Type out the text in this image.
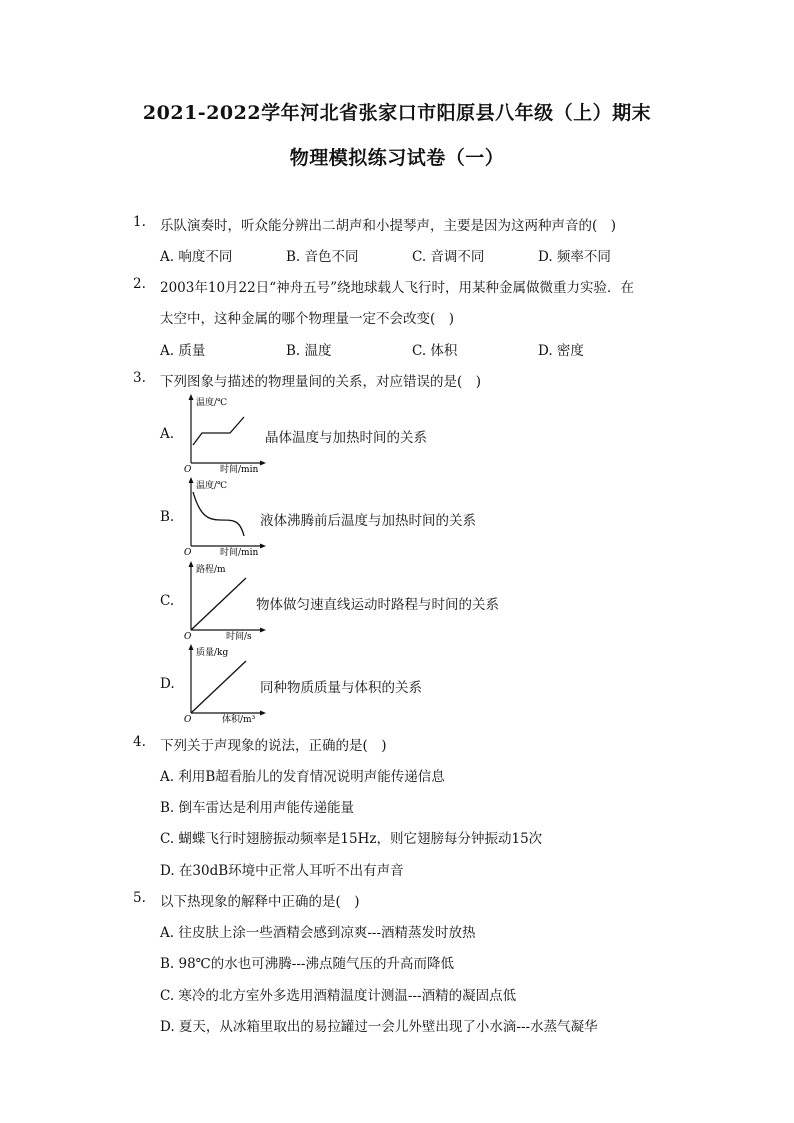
2021-2022学年河北省张家口市阳原县八年级（上）期末
物理模拟练习试卷（一）
1. 乐队演奏时，听众能分辨出二胡声和小提琴声，主要是因为这两种声音的(　)
A. 响度不同	B. 音色不同	C. 音调不同	D. 频率不同
2. 2003年10月22日“神舟五号”绕地球载人飞行时，用某种金属做微重力实验．在
太空中，这种金属的哪个物理量一定不会改变(　)
A. 质量	B. 温度	C. 体积	D. 密度
3. 下列图象与描述的物理量间的关系，对应错误的是(　)
A.
温度/℃
时间/min
O
晶体温度与加热时间的关系
B.
温度/℃
时间/min
O
液体沸腾前后温度与加热时间的关系
C.
路程/m
时间/s
O
物体做匀速直线运动时路程与时间的关系
D.
质量/kg
体积/m³
O
同种物质质量与体积的关系
4. 下列关于声现象的说法，正确的是(　)
A. 利用B超看胎儿的发育情况说明声能传递信息
B. 倒车雷达是利用声能传递能量
C. 蝴蝶飞行时翅膀振动频率是15Hz，则它翅膀每分钟振动15次
D. 在30dB环境中正常人耳听不出有声音
5. 以下热现象的解释中正确的是(　)
A. 往皮肤上涂一些酒精会感到凉爽---酒精蒸发时放热
B. 98℃的水也可沸腾---沸点随气压的升高而降低
C. 寒冷的北方室外多选用酒精温度计测温---酒精的凝固点低
D. 夏天，从冰箱里取出的易拉罐过一会儿外壁出现了小水滴---水蒸气凝华
